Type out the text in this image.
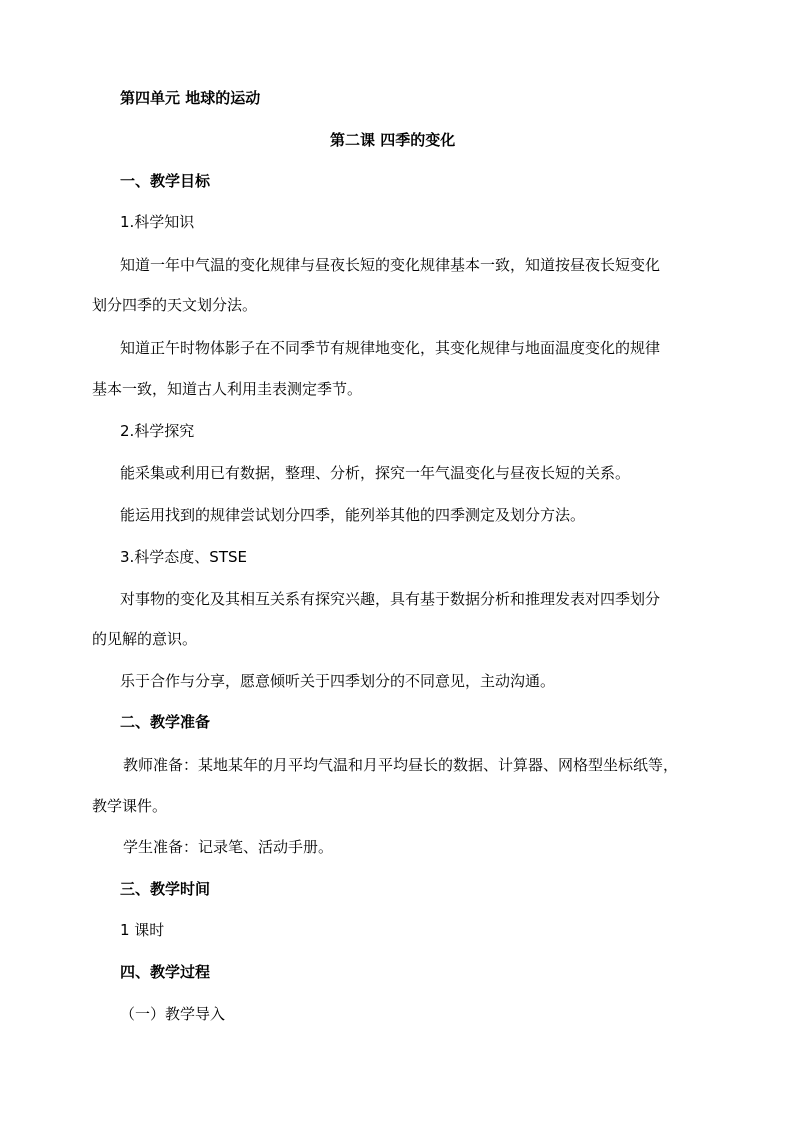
第四单元 地球的运动
第二课 四季的变化
一、教学目标
1.科学知识
知道一年中气温的变化规律与昼夜长短的变化规律基本一致，知道按昼夜长短变化
划分四季的天文划分法。
知道正午时物体影子在不同季节有规律地变化，其变化规律与地面温度变化的规律
基本一致，知道古人利用圭表测定季节。
2.科学探究
能采集或利用已有数据，整理、分析，探究一年气温变化与昼夜长短的关系。
能运用找到的规律尝试划分四季，能列举其他的四季测定及划分方法。
3.科学态度、STSE
对事物的变化及其相互关系有探究兴趣，具有基于数据分析和推理发表对四季划分
的见解的意识。
乐于合作与分享，愿意倾听关于四季划分的不同意见，主动沟通。
二、教学准备
教师准备：某地某年的月平均气温和月平均昼长的数据、计算器、网格型坐标纸等，
教学课件。
学生准备：记录笔、活动手册。
三、教学时间
1 课时
四、教学过程
（一）教学导入
